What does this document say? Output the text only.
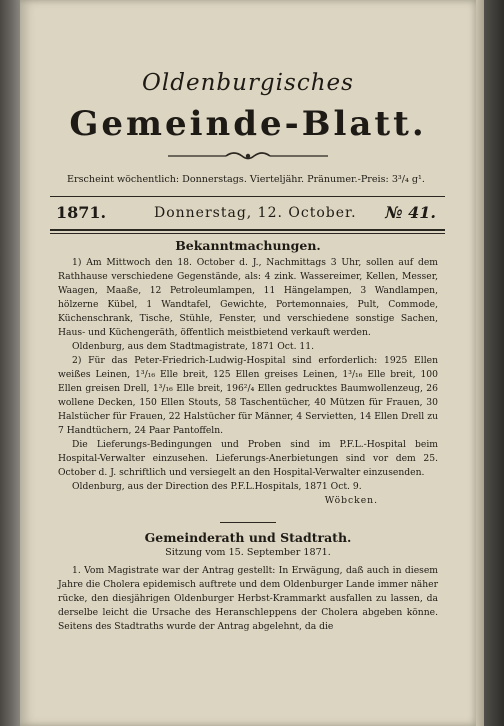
Oldenburgisches
Gemeinde-Blatt.
Erscheint wöchentlich: Donnerstags. Vierteljähr. Pränumer.-Preis: 3³/₄ g¹.
1871.	Donnerstag, 12. October. № 41.
Bekanntmachungen.

1) Am Mittwoch den 18. October d. J., Nachmittags 3 Uhr, sollen auf dem Rathhause verschiedene Gegenstände, als: 4 zink. Wassereimer, Kellen, Messer, Waagen, Maaße, 12 Petroleumlampen, 11 Hängelampen, 3 Wandlampen, hölzerne Kübel, 1 Wandtafel, Gewichte, Portemonnaies, Pult, Commode, Küchenschrank, Tische, Stühle, Fenster, und verschiedene sonstige Sachen, Haus- und Küchengeräth, öffentlich meistbietend verkauft werden.

Oldenburg, aus dem Stadtmagistrate, 1871 Oct. 11.

2) Für das Peter-Friedrich-Ludwig-Hospital sind erforderlich: 1925 Ellen weißes Leinen, 1³/₁₆ Elle breit, 125 Ellen greises Leinen, 1³/₁₆ Elle breit, 100 Ellen greisen Drell, 1³/₁₆ Elle breit, 196²/₄ Ellen gedrucktes Baumwollenzeug, 26 wollene Decken, 150 Ellen Stouts, 58 Taschentücher, 40 Mützen für Frauen, 30 Halstücher für Frauen, 22 Halstücher für Männer, 4 Servietten, 14 Ellen Drell zu 7 Handtüchern, 24 Paar Pantoffeln.

Die Lieferungs-Bedingungen und Proben sind im P.F.L.-Hospital beim Hospital-Verwalter einzusehen. Lieferungs-Anerbietungen sind vor dem 25. October d. J. schriftlich und versiegelt an den Hospital-Verwalter einzusenden.

Oldenburg, aus der Direction des P.F.L.Hospitals, 1871 Oct. 9.

Wöbcken.

Gemeinderath und Stadtrath.
Sitzung vom 15. September 1871.

1. Vom Magistrate war der Antrag gestellt: In Erwägung, daß auch in diesem Jahre die Cholera epidemisch auftrete und dem Oldenburger Lande immer näher rücke, den diesjährigen Oldenburger Herbst-Krammarkt ausfallen zu lassen, da derselbe leicht die Ursache des Heranschleppens der Cholera abgeben könne. Seitens des Stadtraths wurde der Antrag abgelehnt, da die
